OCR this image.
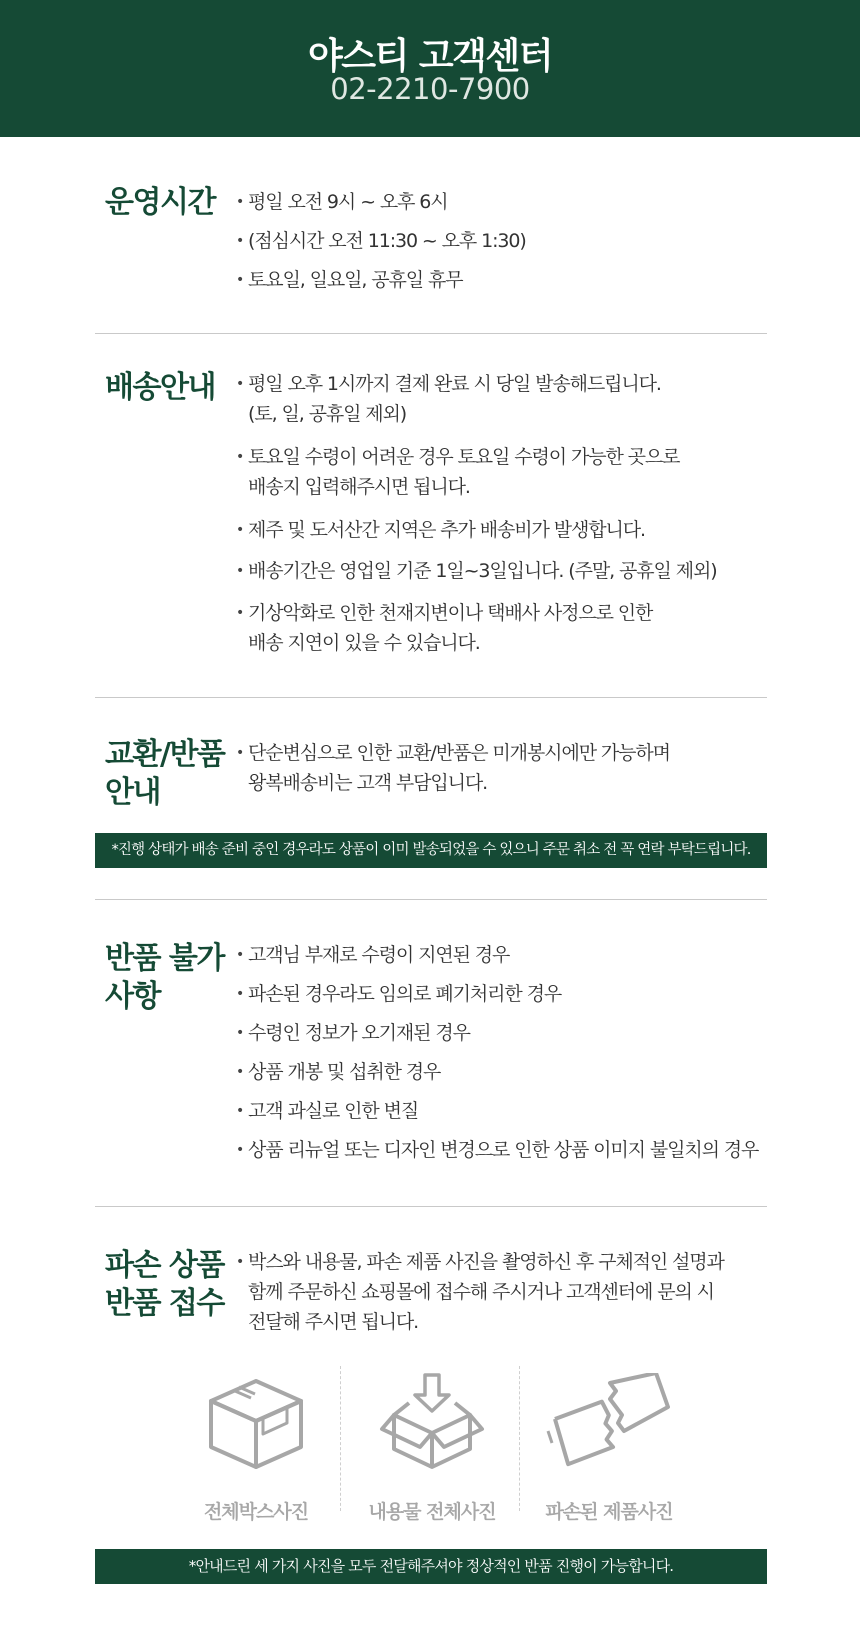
야스티 고객센터
02-2210-7900
운영시간	• 평일 오전 9시 ~ 오후 6시
• (점심시간 오전 11:30 ~ 오후 1:30)
• 토요일, 일요일, 공휴일 휴무
배송안내	• 평일 오후 1시까지 결제 완료 시 당일 발송해드립니다.
(토, 일, 공휴일 제외)
• 토요일 수령이 어려운 경우 토요일 수령이 가능한 곳으로
배송지 입력해주시면 됩니다.
• 제주 및 도서산간 지역은 추가 배송비가 발생합니다.
• 배송기간은 영업일 기준 1일~3일입니다. (주말, 공휴일 제외)
• 기상악화로 인한 천재지변이나 택배사 사정으로 인한
배송 지연이 있을 수 있습니다.
교환/반품
안내
• 단순변심으로 인한 교환/반품은 미개봉시에만 가능하며
왕복배송비는 고객 부담입니다.
*진행 상태가 배송 준비 중인 경우라도 상품이 이미 발송되었을 수 있으니 주문 취소 전 꼭 연락 부탁드립니다.
반품 불가
사항
• 고객님 부재로 수령이 지연된 경우
• 파손된 경우라도 임의로 폐기처리한 경우
• 수령인 정보가 오기재된 경우
• 상품 개봉 및 섭취한 경우
• 고객 과실로 인한 변질
• 상품 리뉴얼 또는 디자인 변경으로 인한 상품 이미지 불일치의 경우
파손 상품
반품 접수
• 박스와 내용물, 파손 제품 사진을 촬영하신 후 구체적인 설명과
함께 주문하신 쇼핑몰에 접수해 주시거나 고객센터에 문의 시
전달해 주시면 됩니다.
전체박스사진	내용물 전체사진	파손된 제품사진
*안내드린 세 가지 사진을 모두 전달해주셔야 정상적인 반품 진행이 가능합니다.
